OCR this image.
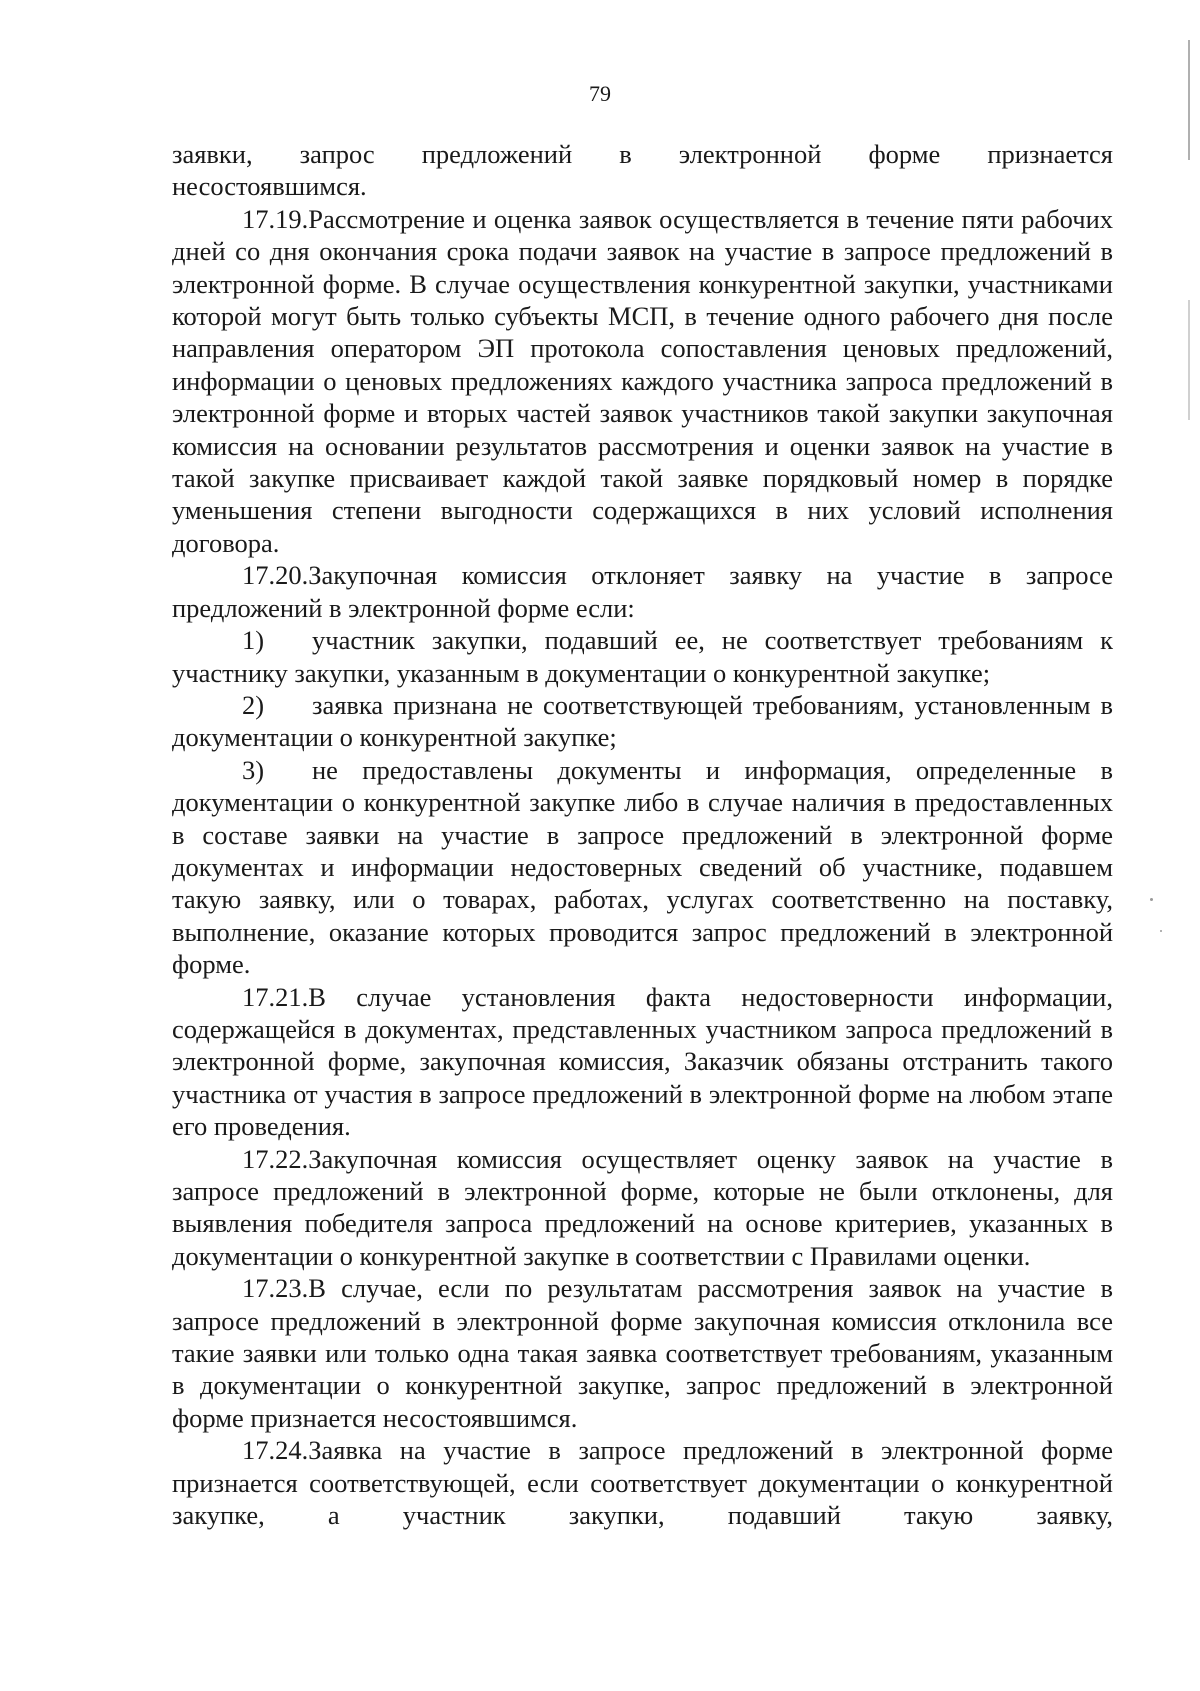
79

заявки, запрос предложений в электронной форме признается

несостоявшимся.

17.19.Рассмотрение и оценка заявок осуществляется в течение пяти рабочих дней со дня окончания срока подачи заявок на участие в запросе предложений в электронной форме. В случае осуществления конкурентной закупки, участниками которой могут быть только субъекты МСП, в течение одного рабочего дня после направления оператором ЭП протокола сопоставления ценовых предложений, информации о ценовых предложениях каждого участника запроса предложений в электронной форме и вторых частей заявок участников такой закупки закупочная комиссия на основании результатов рассмотрения и оценки заявок на участие в такой закупке присваивает каждой такой заявке порядковый номер в порядке уменьшения степени выгодности содержащихся в них условий исполнения договора.

17.20.Закупочная комиссия отклоняет заявку на участие в запросе предложений в электронной форме если:

1) участник закупки, подавший ее, не соответствует требованиям к участнику закупки, указанным в документации о конкурентной закупке;

2) заявка признана не соответствующей требованиям, установленным в документации о конкурентной закупке;

3) не предоставлены документы и информация, определенные в документации о конкурентной закупке либо в случае наличия в предоставленных в составе заявки на участие в запросе предложений в электронной форме документах и информации недостоверных сведений об участнике, подавшем такую заявку, или о товарах, работах, услугах соответственно на поставку, выполнение, оказание которых проводится запрос предложений в электронной форме.

17.21.В случае установления факта недостоверности информации, содержащейся в документах, представленных участником запроса предложений в электронной форме, закупочная комиссия, Заказчик обязаны отстранить такого участника от участия в запросе предложений в электронной форме на любом этапе его проведения.

17.22.Закупочная комиссия осуществляет оценку заявок на участие в запросе предложений в электронной форме, которые не были отклонены, для выявления победителя запроса предложений на основе критериев, указанных в документации о конкурентной закупке в соответствии с Правилами оценки.

17.23.В случае, если по результатам рассмотрения заявок на участие в запросе предложений в электронной форме закупочная комиссия отклонила все такие заявки или только одна такая заявка соответствует требованиям, указанным в документации о конкурентной закупке, запрос предложений в электронной форме признается несостоявшимся.

17.24.Заявка на участие в запросе предложений в электронной форме признается соответствующей, если соответствует документации о конкурентной закупке, а участник закупки, подавший такую заявку,
